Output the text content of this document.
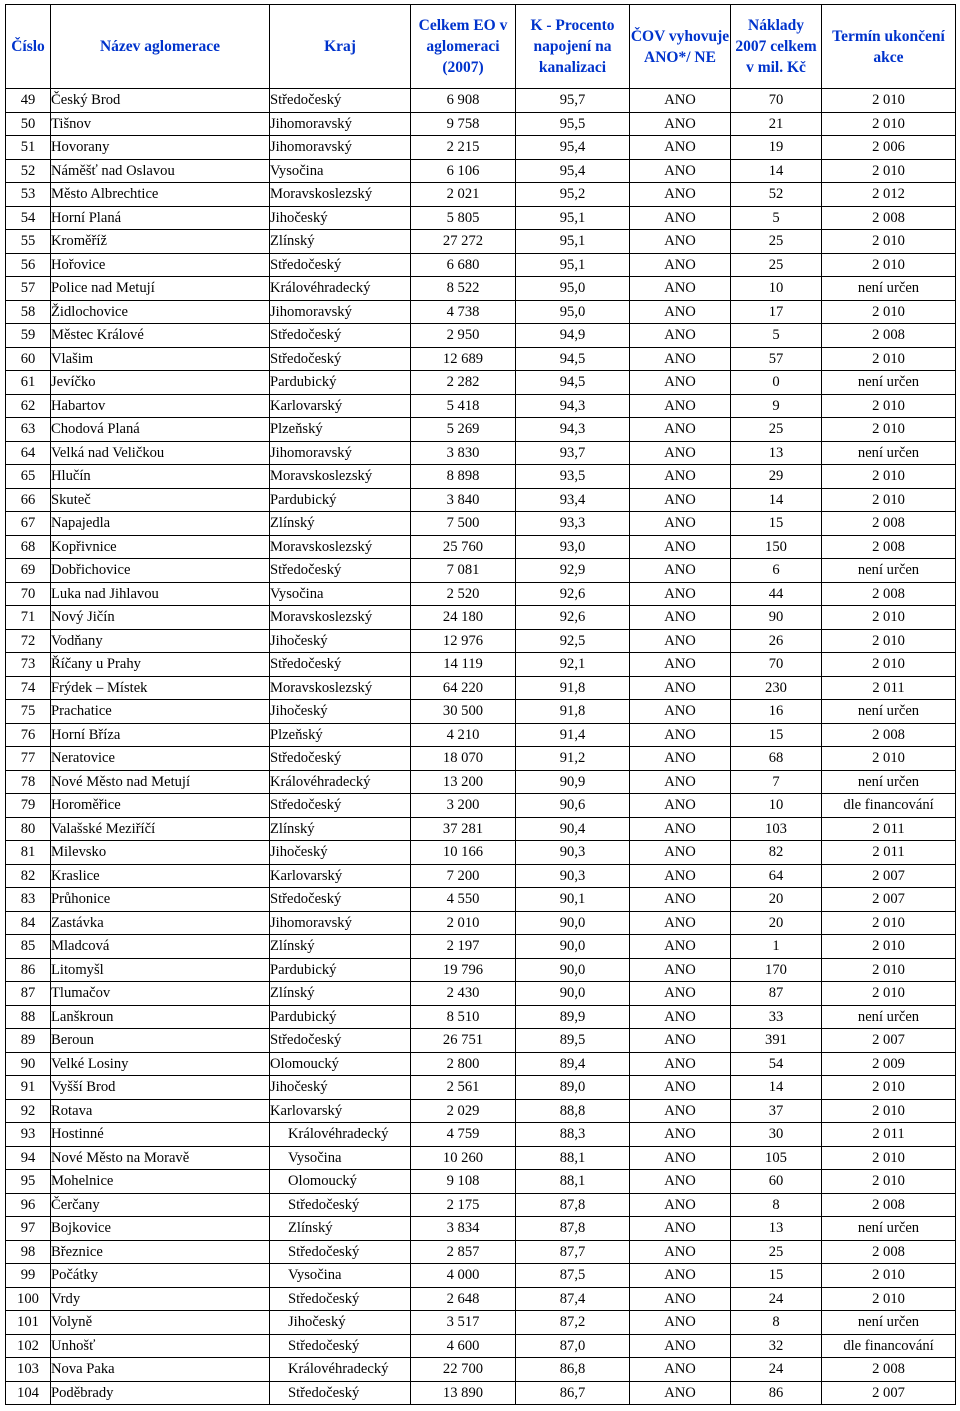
Číslo	Název aglomerace	Kraj	Celkem EO v aglomeraci (2007)	K - Procento napojení na kanalizaci	ČOV vyhovuje ANO*/ NE	Náklady 2007 celkem v mil. Kč	Termín ukončení akce
49	Český Brod	Středočeský	6 908	95,7	ANO	70	2 010
50	Tišnov	Jihomoravský	9 758	95,5	ANO	21	2 010
51	Hovorany	Jihomoravský	2 215	95,4	ANO	19	2 006
52	Náměšť nad Oslavou	Vysočina	6 106	95,4	ANO	14	2 010
53	Město Albrechtice	Moravskoslezský	2 021	95,2	ANO	52	2 012
54	Horní Planá	Jihočeský	5 805	95,1	ANO	5	2 008
55	Kroměříž	Zlínský	27 272	95,1	ANO	25	2 010
56	Hořovice	Středočeský	6 680	95,1	ANO	25	2 010
57	Police nad Metují	Královéhradecký	8 522	95,0	ANO	10	není určen
58	Židlochovice	Jihomoravský	4 738	95,0	ANO	17	2 010
59	Městec Králové	Středočeský	2 950	94,9	ANO	5	2 008
60	Vlašim	Středočeský	12 689	94,5	ANO	57	2 010
61	Jevíčko	Pardubický	2 282	94,5	ANO	0	není určen
62	Habartov	Karlovarský	5 418	94,3	ANO	9	2 010
63	Chodová Planá	Plzeňský	5 269	94,3	ANO	25	2 010
64	Velká nad Veličkou	Jihomoravský	3 830	93,7	ANO	13	není určen
65	Hlučín	Moravskoslezský	8 898	93,5	ANO	29	2 010
66	Skuteč	Pardubický	3 840	93,4	ANO	14	2 010
67	Napajedla	Zlínský	7 500	93,3	ANO	15	2 008
68	Kopřivnice	Moravskoslezský	25 760	93,0	ANO	150	2 008
69	Dobřichovice	Středočeský	7 081	92,9	ANO	6	není určen
70	Luka nad Jihlavou	Vysočina	2 520	92,6	ANO	44	2 008
71	Nový Jičín	Moravskoslezský	24 180	92,6	ANO	90	2 010
72	Vodňany	Jihočeský	12 976	92,5	ANO	26	2 010
73	Říčany u Prahy	Středočeský	14 119	92,1	ANO	70	2 010
74	Frýdek – Místek	Moravskoslezský	64 220	91,8	ANO	230	2 011
75	Prachatice	Jihočeský	30 500	91,8	ANO	16	není určen
76	Horní Bříza	Plzeňský	4 210	91,4	ANO	15	2 008
77	Neratovice	Středočeský	18 070	91,2	ANO	68	2 010
78	Nové Město nad Metují	Královéhradecký	13 200	90,9	ANO	7	není určen
79	Horoměřice	Středočeský	3 200	90,6	ANO	10	dle financování
80	Valašské Meziříčí	Zlínský	37 281	90,4	ANO	103	2 011
81	Milevsko	Jihočeský	10 166	90,3	ANO	82	2 011
82	Kraslice	Karlovarský	7 200	90,3	ANO	64	2 007
83	Průhonice	Středočeský	4 550	90,1	ANO	20	2 007
84	Zastávka	Jihomoravský	2 010	90,0	ANO	20	2 010
85	Mladcová	Zlínský	2 197	90,0	ANO	1	2 010
86	Litomyšl	Pardubický	19 796	90,0	ANO	170	2 010
87	Tlumačov	Zlínský	2 430	90,0	ANO	87	2 010
88	Lanškroun	Pardubický	8 510	89,9	ANO	33	není určen
89	Beroun	Středočeský	26 751	89,5	ANO	391	2 007
90	Velké Losiny	Olomoucký	2 800	89,4	ANO	54	2 009
91	Vyšší Brod	Jihočeský	2 561	89,0	ANO	14	2 010
92	Rotava	Karlovarský	2 029	88,8	ANO	37	2 010
93	Hostinné	Královéhradecký	4 759	88,3	ANO	30	2 011
94	Nové Město na Moravě	Vysočina	10 260	88,1	ANO	105	2 010
95	Mohelnice	Olomoucký	9 108	88,1	ANO	60	2 010
96	Čerčany	Středočeský	2 175	87,8	ANO	8	2 008
97	Bojkovice	Zlínský	3 834	87,8	ANO	13	není určen
98	Březnice	Středočeský	2 857	87,7	ANO	25	2 008
99	Počátky	Vysočina	4 000	87,5	ANO	15	2 010
100	Vrdy	Středočeský	2 648	87,4	ANO	24	2 010
101	Volyně	Jihočeský	3 517	87,2	ANO	8	není určen
102	Unhošť	Středočeský	4 600	87,0	ANO	32	dle financování
103	Nova Paka	Královéhradecký	22 700	86,8	ANO	24	2 008
104	Poděbrady	Středočeský	13 890	86,7	ANO	86	2 007
